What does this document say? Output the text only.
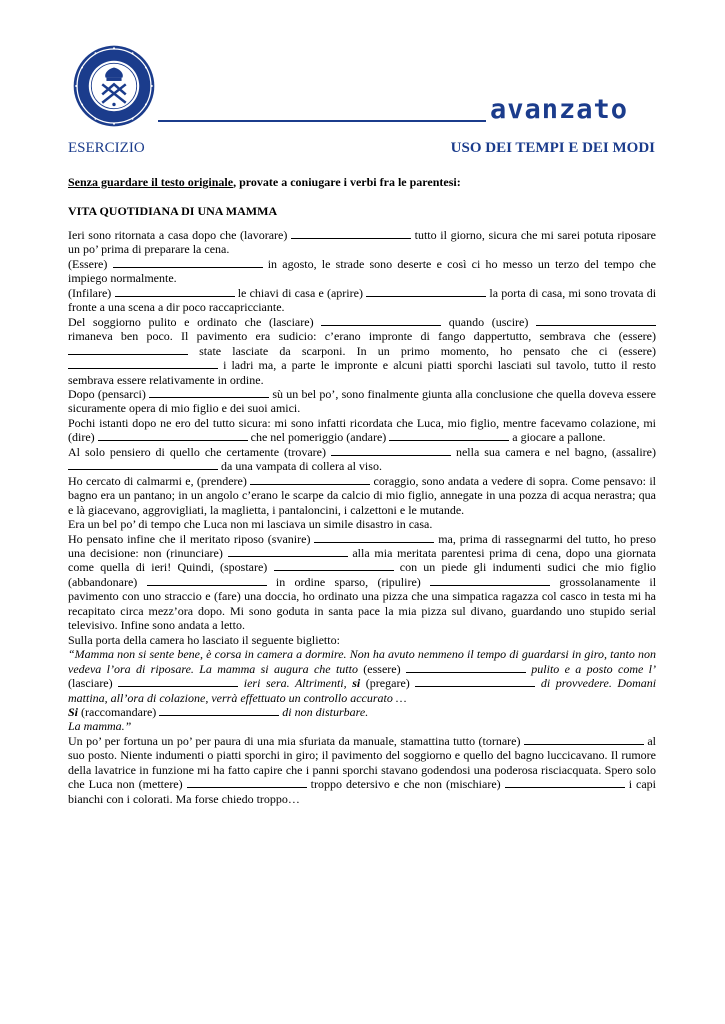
avanzato
ESERCIZIO	USO DEI TEMPI E DEI MODI
Senza guardare il testo originale, provate a coniugare i verbi fra le parentesi:
VITA QUOTIDIANA DI UNA MAMMA

Ieri sono ritornata a casa dopo che (lavorare)	tutto il giorno, sicura che mi sarei potuta riposare un po’ prima di preparare la cena.

(Essere)	in agosto, le strade sono deserte e così ci ho messo un terzo del tempo che impiego normalmente.

(Infilare)	le chiavi di casa e (aprire)	la porta di casa, mi sono trovata di fronte a una scena a dir poco raccapricciante.

Del soggiorno pulito e ordinato che (lasciare)	quando (uscire)  rimaneva ben poco. Il pavimento era sudicio: c’erano impronte di fango dappertutto, sembrava che (essere)  state lasciate da scarponi. In un primo momento, ho pensato che ci (essere)  i ladri ma, a parte le impronte e alcuni piatti sporchi lasciati sul tavolo, tutto il resto sembrava essere relativamente in ordine.

Dopo (pensarci)	sù un bel po’, sono finalmente giunta alla conclusione che quella doveva essere sicuramente opera di mio figlio e dei suoi amici.

Pochi istanti dopo ne ero del tutto sicura: mi sono infatti ricordata che Luca, mio figlio, mentre facevamo colazione, mi (dire)	che nel pomeriggio (andare)	a giocare a pallone.

Al solo pensiero di quello che certamente (trovare)	nella sua camera e nel bagno, (assalire)  da una vampata di collera al viso.

Ho cercato di calmarmi e, (prendere)	coraggio, sono andata a vedere di sopra. Come pensavo: il bagno era un pantano; in un angolo c’erano le scarpe da calcio di mio figlio, annegate in una pozza di acqua nerastra; qua e là giacevano, aggrovigliati, la maglietta, i pantaloncini, i calzettoni e le mutande.

Era un bel po’ di tempo che Luca non mi lasciava un simile disastro in casa.

Ho pensato infine che il meritato riposo (svanire)	ma, prima di rassegnarmi del tutto, ho preso una decisione: non (rinunciare)	alla mia meritata parentesi prima di cena, dopo una giornata come quella di ieri! Quindi, (spostare)	con un piede gli indumenti sudici che mio figlio (abbandonare)	in ordine sparso, (ripulire)	grossolanamente il pavimento con uno straccio e (fare) una doccia, ho ordinato una pizza che una simpatica ragazza col casco in testa mi ha recapitato circa mezz’ora dopo. Mi sono goduta in santa pace la mia pizza sul divano, guardando uno stupido serial televisivo. Infine sono andata a letto.

Sulla porta della camera ho lasciato il seguente biglietto:

“Mamma non si sente bene, è corsa in camera a dormire. Non ha avuto nemmeno il tempo di guardarsi in giro, tanto non vedeva l’ora di riposare. La mamma si augura che tutto (essere)	pulito e a posto come l’ (lasciare)	ieri sera. Altrimenti, si (pregare)	di provvedere. Domani mattina, all’ora di colazione, verrà effettuato un controllo accurato …

Si (raccomandare)	di non disturbare.

La mamma.”

Un po’ per fortuna un po’ per paura di una mia sfuriata da manuale, stamattina tutto (tornare)	al suo posto. Niente indumenti o piatti sporchi in giro; il pavimento del soggiorno e quello del bagno luccicavano. Il rumore della lavatrice in funzione mi ha fatto capire che i panni sporchi stavano godendosi una poderosa risciacquata. Spero solo che Luca non (mettere)	troppo detersivo e che non (mischiare)	i capi bianchi con i colorati. Ma forse chiedo troppo…
